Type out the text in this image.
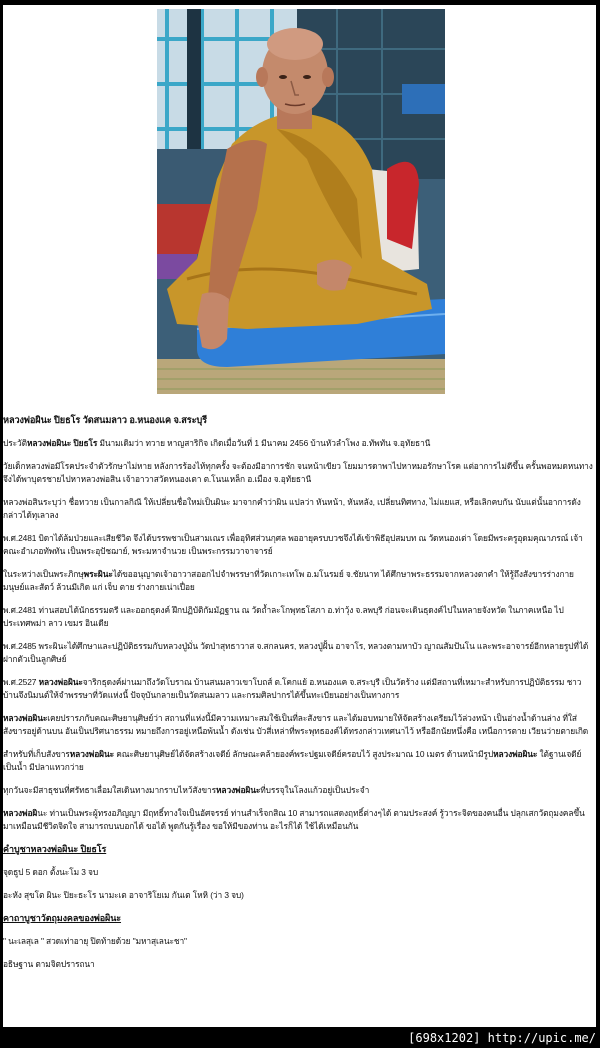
หลวงพ่อผินะ ปิยธโร วัดสนมลาว อ.หนองแค จ.สระบุรี

ประวัติหลวงพ่อผินะ ปิยธโร มีนามเดิมว่า ทวาย หาญสาริกิจ เกิดเมื่อวันที่ 1 มีนาคม 2456 บ้านหัวลำโพง อ.ทัพทัน จ.อุทัยธานี

วัยเด็กหลวงพ่อมีโรคประจำตัวรักษาไม่หาย หลังการร้องไห้ทุกครั้ง จะต้องมีอาการชัก จนหน้าเขียว โยมมารดาพาไปหาหมอรักษาโรค แต่อาการไม่ดีขึ้น ครั้นพอหมดหนทางจึงได้พาบุตรชายไปหาหลวงพ่อสิน เจ้าอาวาสวัดหนองเตา ต.โนนเหล็ก อ.เมือง จ.อุทัยธานี

หลวงพ่อสินระบุว่า ชื่อทวาย เป็นกาลกิณี ให้เปลี่ยนชื่อใหม่เป็นผินะ มาจากคำว่าผิน แปลว่า หันหน้า, หันหลัง, เปลี่ยนทิศทาง, ไม่แยแส, หรือเลิกคบกัน นับแต่นั้นอาการดังกล่าวได้ทุเลาลง

พ.ศ.2481 บิดาได้ล้มป่วยและเสียชีวิต จึงได้บรรพชาเป็นสามเณร เพื่ออุทิศส่วนกุศล พออายุครบบวชจึงได้เข้าพิธีอุปสมบท ณ วัดหนองเต่า โดยมีพระครูอุดมคุณาภรณ์ เจ้าคณะอำเภอทัพทัน เป็นพระอุปัชฌาย์, พระมหาจำนวย เป็นพระกรรมวาจาจารย์

ในระหว่างเป็นพระภิกษุพระผินะได้ขออนุญาตเจ้าอาวาสออกไปจำพรรษาที่วัดเกาะเทโพ อ.มโนรมย์ จ.ชัยนาท ได้ศึกษาพระธรรมจากหลวงตาคำ ให้รู้ถึงสังขารร่างกายมนุษย์และสัตว์ ล้วนมีเกิด แก่ เจ็บ ตาย ร่างกายเน่าเปื่อย

พ.ศ.2481 ท่านสอบได้นักธรรมตรี และออกธุดงค์ ฝึกปฏิบัติกัมมัฏฐาน ณ วัดถ้ำละโกพุทธโสภา อ.ท่าวุ้ง จ.ลพบุรี ก่อนจะเดินธุดงค์ไปในหลายจังหวัด ในภาคเหนือ ไป ประเทศพม่า ลาว เขมร อินเดีย

พ.ศ.2485 พระผินะได้ศึกษาและปฏิบัติธรรมกับหลวงปู่มั่น วัดป่าสุทธาวาส จ.สกลนคร, หลวงปู่ฝั้น อาจาโร, หลวงตามหาบัว ญาณสัมปันโน และพระอาจารย์อีกหลายรูปที่ได้ฝากตัวเป็นลูกศิษย์

พ.ศ.2527 หลวงพ่อผินะจาริกธุดงค์ผ่านมาถึงวัดโบราณ บ้านสนมลาวเขาโบถส์ ต.โคกแย้ อ.หนองแค จ.สระบุรี เป็นวัดร้าง แต่มีสถานที่เหมาะสำหรับการปฏิบัติธรรม ชาวบ้านจึงนิมนต์ให้จำพรรษาที่วัดแห่งนี้ ปัจจุบันกลายเป็นวัดสนมลาว และกรมศิลปากรได้ขึ้นทะเบียนอย่างเป็นทางการ

หลวงพ่อผินะเคยปรารภกับคณะศิษยานุศิษย์ว่า สถานที่แห่งนี้มีความเหมาะสมใช้เป็นที่ละสังขาร และได้มอบหมายให้จัดสร้างเตรียมไว้ล่วงหน้า เป็นอ่างน้ำด้านล่าง ที่ใส่สังขารอยู่ด้านบน อันเป็นปริศนาธรรม หมายถึงการอยู่เหนือพ้นน้ำ ดังเช่น บัวสี่เหล่าที่พระพุทธองค์ได้ทรงกล่าวเทศนาไว้ หรืออีกนัยหนึ่งคือ เหนือการตาย เวียนว่ายตายเกิด

สำหรับที่เก็บสังขารหลวงพ่อผินะ คณะศิษยานุศิษย์ได้จัดสร้างเจดีย์ ลักษณะคล้ายองค์พระปฐมเจดีย์ครอบไว้ สูงประมาณ 10 เมตร ด้านหน้ามีรูปหลวงพ่อผินะ ใต้ฐานเจดีย์เป็นน้ำ มีปลาแหวกว่าย

ทุกวันจะมีสาธุชนที่ศรัทธาเลื่อมใสเดินทางมากราบไหว้สังขารหลวงพ่อผินะที่บรรจุในโลงแก้วอยู่เป็นประจำ

หลวงพ่อผินะ ท่านเป็นพระผู้ทรงอภิญญา มีฤทธิ์ทางใจเป็นอัศจรรย์ ท่านสำเร็จกสิณ 10 สามารถแสดงฤทธิ์ต่างๆได้ ตามประสงค์ รู้วาระจิตของคนอื่น ปลุกเสกวัตถุมงคลขึ้นมาเหมือนมีชีวิตจิตใจ สามารถบนบอกได้ ขอได้ พูดกันรู้เรื่อง ขอให้มีของท่าน อะไรก็ได้ ใช้ได้เหมือนกัน

คำบูชาหลวงพ่อผินะ ปิยธโร

จุดธูป 5 ดอก ตั้งนะโม 3 จบ

อะหัง สุขโต ผินะ ปิยะธะโร นามะเต อาจาริโยเม กันเต โหหิ (ว่า 3 จบ)

คาถาบูชาวัตถุมงคลของพ่อผินะ

" นะเลสุเล " สวดเท่าอายุ ปิดท้ายด้วย "มหาสุเลนะชา"

อธิษฐาน ตามจิตปรารถนา

[698x1202] http://upic.me/
